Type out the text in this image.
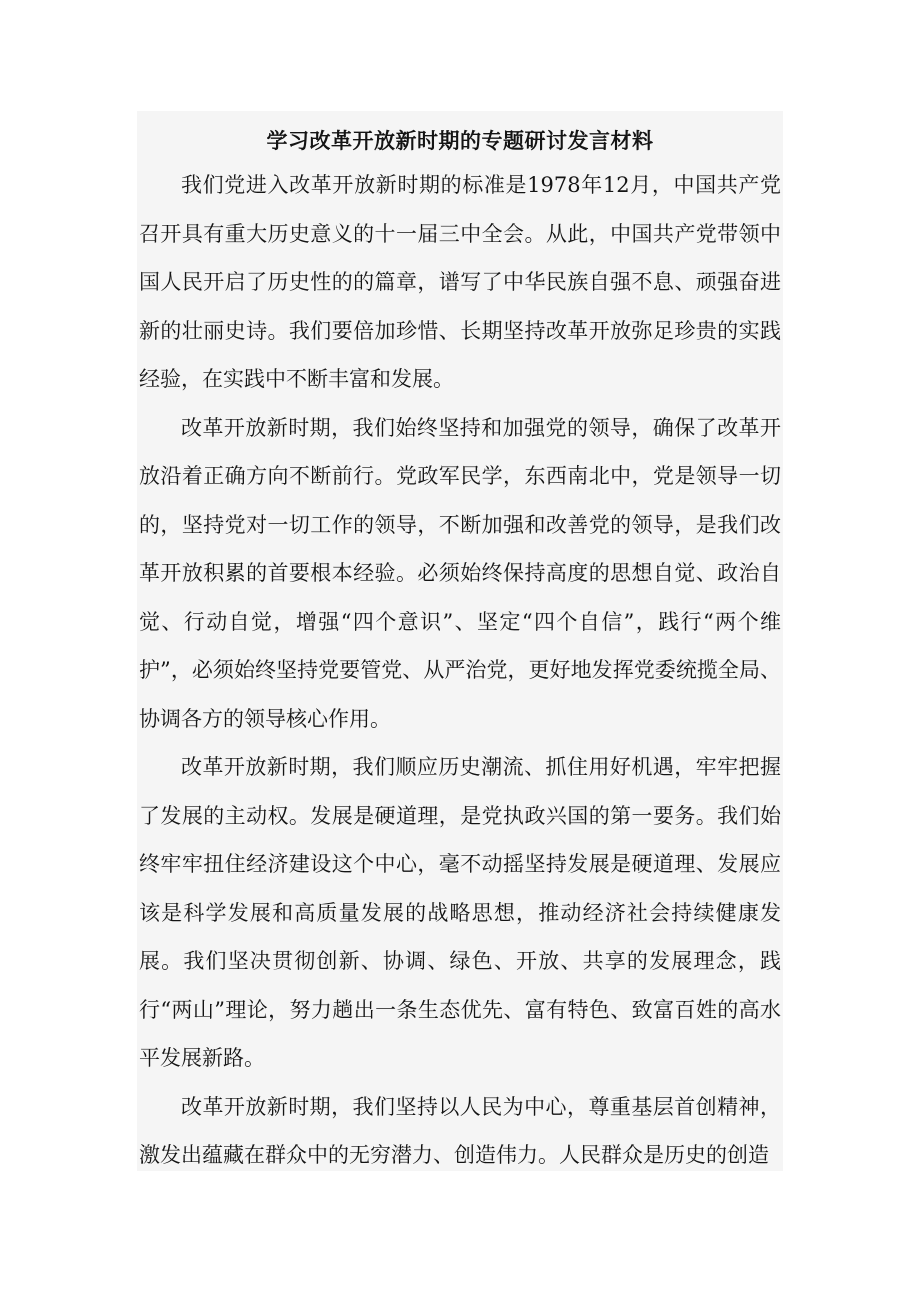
学习改革开放新时期的专题研讨发言材料

我们党进入改革开放新时期的标准是1978年12月，中国共产党召开具有重大历史意义的十一届三中全会。从此，中国共产党带领中国人民开启了历史性的的篇章，谱写了中华民族自强不息、顽强奋进新的壮丽史诗。我们要倍加珍惜、长期坚持改革开放弥足珍贵的实践经验，在实践中不断丰富和发展。

改革开放新时期，我们始终坚持和加强党的领导，确保了改革开放沿着正确方向不断前行。党政军民学，东西南北中，党是领导一切的，坚持党对一切工作的领导，不断加强和改善党的领导，是我们改革开放积累的首要根本经验。必须始终保持高度的思想自觉、政治自觉、行动自觉，增强“四个意识”、坚定“四个自信”，践行“两个维护”，必须始终坚持党要管党、从严治党，更好地发挥党委统揽全局、协调各方的领导核心作用。

改革开放新时期，我们顺应历史潮流、抓住用好机遇，牢牢把握了发展的主动权。发展是硬道理，是党执政兴国的第一要务。我们始终牢牢扭住经济建设这个中心，毫不动摇坚持发展是硬道理、发展应该是科学发展和高质量发展的战略思想，推动经济社会持续健康发展。我们坚决贯彻创新、协调、绿色、开放、共享的发展理念，践行“两山”理论，努力趟出一条生态优先、富有特色、致富百姓的高水平发展新路。

改革开放新时期，我们坚持以人民为中心，尊重基层首创精神，激发出蕴藏在群众中的无穷潜力、创造伟力。人民群众是历史的创造
